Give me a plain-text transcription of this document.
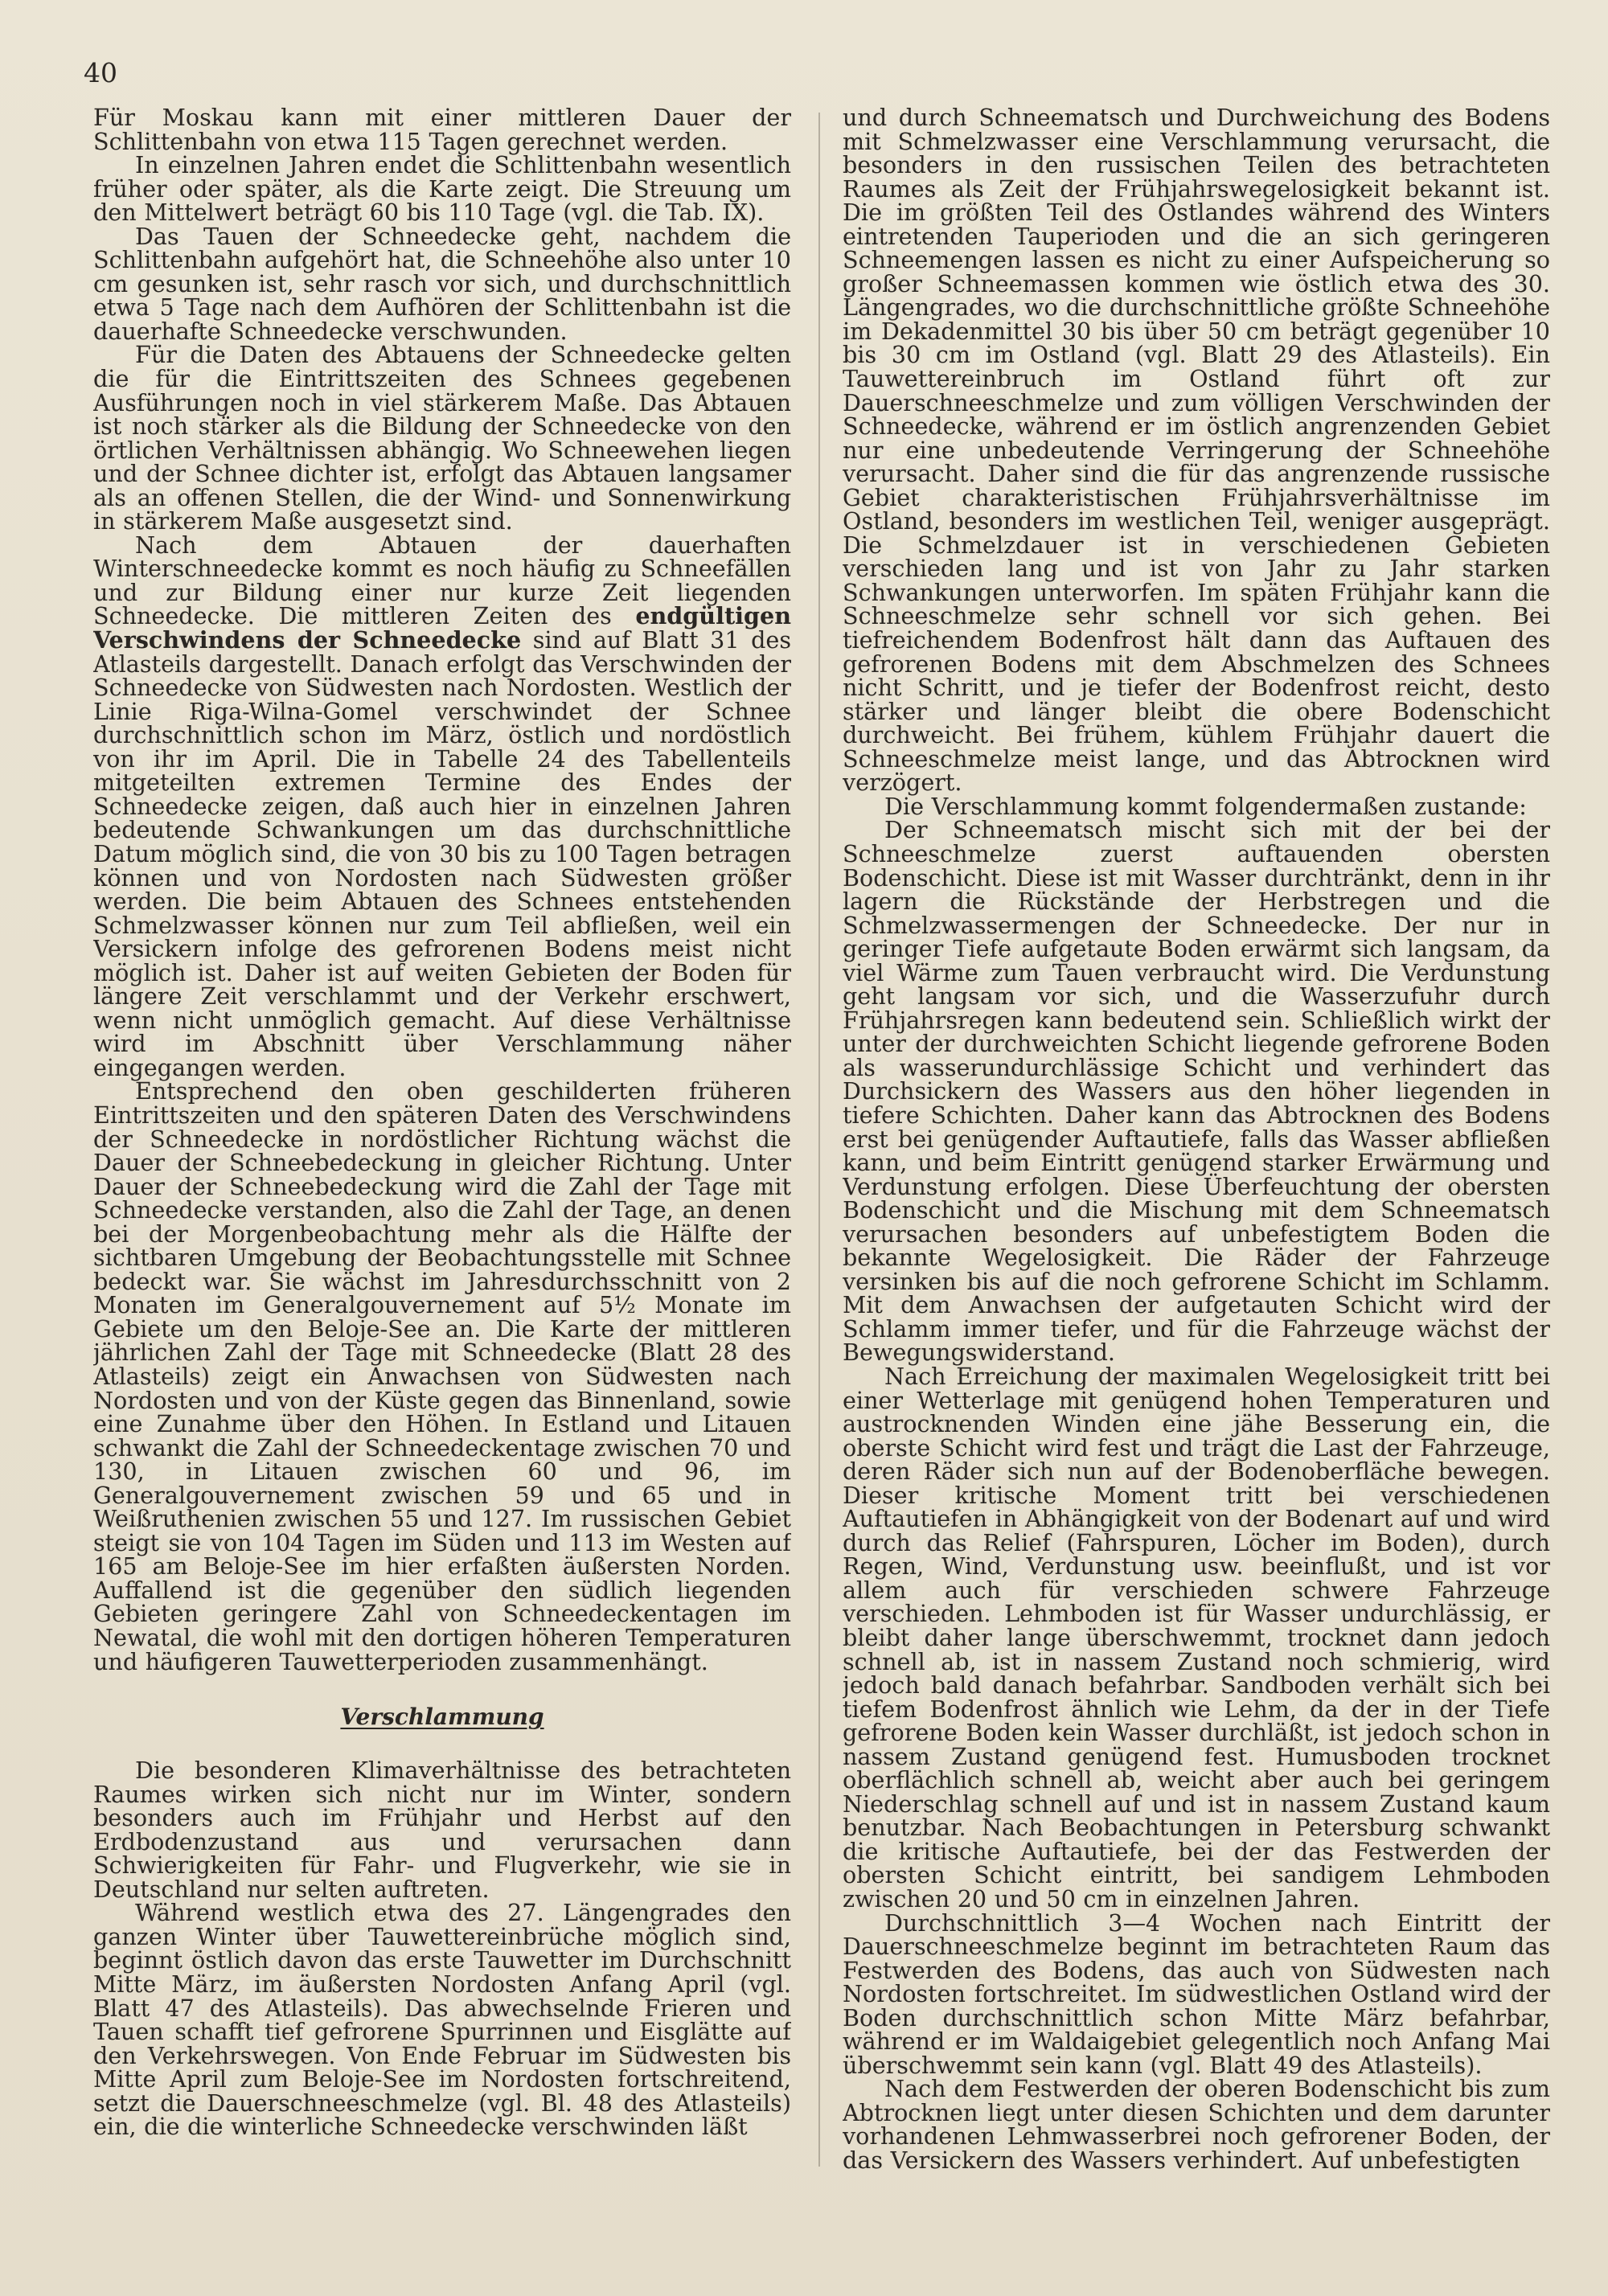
40

Für Moskau kann mit einer mittleren Dauer der Schlittenbahn von etwa 115 Tagen gerechnet werden.

In einzelnen Jahren endet die Schlittenbahn wesentlich früher oder später, als die Karte zeigt. Die Streuung um den Mittelwert beträgt 60 bis 110 Tage (vgl. die Tab. IX).

Das Tauen der Schneedecke geht, nachdem die Schlittenbahn aufgehört hat, die Schneehöhe also unter 10 cm gesunken ist, sehr rasch vor sich, und durchschnittlich etwa 5 Tage nach dem Aufhören der Schlittenbahn ist die dauerhafte Schneedecke verschwunden.

Für die Daten des Abtauens der Schneedecke gelten die für die Eintrittszeiten des Schnees gegebenen Ausführungen noch in viel stärkerem Maße. Das Abtauen ist noch stärker als die Bildung der Schneedecke von den örtlichen Verhältnissen abhängig. Wo Schneewehen liegen und der Schnee dichter ist, erfolgt das Abtauen langsamer als an offenen Stellen, die der Wind- und Sonnenwirkung in stärkerem Maße ausgesetzt sind.

Nach dem Abtauen der dauerhaften Winterschneedecke kommt es noch häufig zu Schneefällen und zur Bildung einer nur kurze Zeit liegenden Schneedecke. Die mittleren Zeiten des endgültigen Verschwindens der Schneedecke sind auf Blatt 31 des Atlasteils dargestellt. Danach erfolgt das Verschwinden der Schneedecke von Südwesten nach Nordosten. Westlich der Linie Riga-Wilna-Gomel verschwindet der Schnee durchschnittlich schon im März, östlich und nordöstlich von ihr im April. Die in Tabelle 24 des Tabellenteils mitgeteilten extremen Termine des Endes der Schneedecke zeigen, daß auch hier in einzelnen Jahren bedeutende Schwankungen um das durchschnittliche Datum möglich sind, die von 30 bis zu 100 Tagen betragen können und von Nordosten nach Südwesten größer werden. Die beim Abtauen des Schnees entstehenden Schmelzwasser können nur zum Teil abfließen, weil ein Versickern infolge des gefrorenen Bodens meist nicht möglich ist. Daher ist auf weiten Gebieten der Boden für längere Zeit verschlammt und der Verkehr erschwert, wenn nicht unmöglich gemacht. Auf diese Verhältnisse wird im Abschnitt über Verschlammung näher eingegangen werden.

Entsprechend den oben geschilderten früheren Eintrittszeiten und den späteren Daten des Verschwindens der Schneedecke in nordöstlicher Richtung wächst die Dauer der Schneebedeckung in gleicher Richtung. Unter Dauer der Schneebedeckung wird die Zahl der Tage mit Schneedecke verstanden, also die Zahl der Tage, an denen bei der Morgenbeobachtung mehr als die Hälfte der sichtbaren Umgebung der Beobachtungsstelle mit Schnee bedeckt war. Sie wächst im Jahresdurchsschnitt von 2 Monaten im Generalgouvernement auf 5½ Monate im Gebiete um den Beloje-See an. Die Karte der mittleren jährlichen Zahl der Tage mit Schneedecke (Blatt 28 des Atlasteils) zeigt ein Anwachsen von Südwesten nach Nordosten und von der Küste gegen das Binnenland, sowie eine Zunahme über den Höhen. In Estland und Litauen schwankt die Zahl der Schneedeckentage zwischen 70 und 130, in Litauen zwischen 60 und 96, im Generalgouvernement zwischen 59 und 65 und in Weißruthenien zwischen 55 und 127. Im russischen Gebiet steigt sie von 104 Tagen im Süden und 113 im Westen auf 165 am Beloje-See im hier erfaßten äußersten Norden. Auffallend ist die gegenüber den südlich liegenden Gebieten geringere Zahl von Schneedeckentagen im Newatal, die wohl mit den dortigen höheren Temperaturen und häufigeren Tauwetterperioden zusammenhängt.

Verschlammung

Die besonderen Klimaverhältnisse des betrachteten Raumes wirken sich nicht nur im Winter, sondern besonders auch im Frühjahr und Herbst auf den Erdbodenzustand aus und verursachen dann Schwierigkeiten für Fahr- und Flugverkehr, wie sie in Deutschland nur selten auftreten.

Während westlich etwa des 27. Längengrades den ganzen Winter über Tauwettereinbrüche möglich sind, beginnt östlich davon das erste Tauwetter im Durchschnitt Mitte März, im äußersten Nordosten Anfang April (vgl. Blatt 47 des Atlasteils). Das abwechselnde Frieren und Tauen schafft tief gefrorene Spurrinnen und Eisglätte auf den Verkehrswegen. Von Ende Februar im Südwesten bis Mitte April zum Beloje-See im Nordosten fortschreitend, setzt die Dauerschneeschmelze (vgl. Bl. 48 des Atlasteils) ein, die die winterliche Schneedecke verschwinden läßt

und durch Schneematsch und Durchweichung des Bodens mit Schmelzwasser eine Verschlammung verursacht, die besonders in den russischen Teilen des betrachteten Raumes als Zeit der Frühjahrswegelosigkeit bekannt ist. Die im größten Teil des Ostlandes während des Winters eintretenden Tauperioden und die an sich geringeren Schneemengen lassen es nicht zu einer Aufspeicherung so großer Schneemassen kommen wie östlich etwa des 30. Längengrades, wo die durchschnittliche größte Schneehöhe im Dekadenmittel 30 bis über 50 cm beträgt gegenüber 10 bis 30 cm im Ostland (vgl. Blatt 29 des Atlasteils). Ein Tauwettereinbruch im Ostland führt oft zur Dauerschneeschmelze und zum völligen Verschwinden der Schneedecke, während er im östlich angrenzenden Gebiet nur eine unbedeutende Verringerung der Schneehöhe verursacht. Daher sind die für das angrenzende russische Gebiet charakteristischen Frühjahrsverhältnisse im Ostland, besonders im westlichen Teil, weniger ausgeprägt. Die Schmelzdauer ist in verschiedenen Gebieten verschieden lang und ist von Jahr zu Jahr starken Schwankungen unterworfen. Im späten Frühjahr kann die Schneeschmelze sehr schnell vor sich gehen. Bei tiefreichendem Bodenfrost hält dann das Auftauen des gefrorenen Bodens mit dem Abschmelzen des Schnees nicht Schritt, und je tiefer der Bodenfrost reicht, desto stärker und länger bleibt die obere Bodenschicht durchweicht. Bei frühem, kühlem Frühjahr dauert die Schneeschmelze meist lange, und das Abtrocknen wird verzögert.

Die Verschlammung kommt folgendermaßen zustande:

Der Schneematsch mischt sich mit der bei der Schneeschmelze zuerst auftauenden obersten Bodenschicht. Diese ist mit Wasser durchtränkt, denn in ihr lagern die Rückstände der Herbstregen und die Schmelzwassermengen der Schneedecke. Der nur in geringer Tiefe aufgetaute Boden erwärmt sich langsam, da viel Wärme zum Tauen verbraucht wird. Die Verdunstung geht langsam vor sich, und die Wasserzufuhr durch Frühjahrsregen kann bedeutend sein. Schließlich wirkt der unter der durchweichten Schicht liegende gefrorene Boden als wasserundurchlässige Schicht und verhindert das Durchsickern des Wassers aus den höher liegenden in tiefere Schichten. Daher kann das Abtrocknen des Bodens erst bei genügender Auftautiefe, falls das Wasser abfließen kann, und beim Eintritt genügend starker Erwärmung und Verdunstung erfolgen. Diese Überfeuchtung der obersten Bodenschicht und die Mischung mit dem Schneematsch verursachen besonders auf unbefestigtem Boden die bekannte Wegelosigkeit. Die Räder der Fahrzeuge versinken bis auf die noch gefrorene Schicht im Schlamm. Mit dem Anwachsen der aufgetauten Schicht wird der Schlamm immer tiefer, und für die Fahrzeuge wächst der Bewegungswiderstand.

Nach Erreichung der maximalen Wegelosigkeit tritt bei einer Wetterlage mit genügend hohen Temperaturen und austrocknenden Winden eine jähe Besserung ein, die oberste Schicht wird fest und trägt die Last der Fahrzeuge, deren Räder sich nun auf der Bodenoberfläche bewegen. Dieser kritische Moment tritt bei verschiedenen Auftautiefen in Abhängigkeit von der Bodenart auf und wird durch das Relief (Fahrspuren, Löcher im Boden), durch Regen, Wind, Verdunstung usw. beeinflußt, und ist vor allem auch für verschieden schwere Fahrzeuge verschieden. Lehmboden ist für Wasser undurchlässig, er bleibt daher lange überschwemmt, trocknet dann jedoch schnell ab, ist in nassem Zustand noch schmierig, wird jedoch bald danach befahrbar. Sandboden verhält sich bei tiefem Bodenfrost ähnlich wie Lehm, da der in der Tiefe gefrorene Boden kein Wasser durchläßt, ist jedoch schon in nassem Zustand genügend fest. Humusboden trocknet oberflächlich schnell ab, weicht aber auch bei geringem Niederschlag schnell auf und ist in nassem Zustand kaum benutzbar. Nach Beobachtungen in Petersburg schwankt die kritische Auftautiefe, bei der das Festwerden der obersten Schicht eintritt, bei sandigem Lehmboden zwischen 20 und 50 cm in einzelnen Jahren.

Durchschnittlich 3—4 Wochen nach Eintritt der Dauerschneeschmelze beginnt im betrachteten Raum das Festwerden des Bodens, das auch von Südwesten nach Nordosten fortschreitet. Im südwestlichen Ostland wird der Boden durchschnittlich schon Mitte März befahrbar, während er im Waldaigebiet gelegentlich noch Anfang Mai überschwemmt sein kann (vgl. Blatt 49 des Atlasteils).

Nach dem Festwerden der oberen Bodenschicht bis zum Abtrocknen liegt unter diesen Schichten und dem darunter vorhandenen Lehmwasserbrei noch gefrorener Boden, der das Versickern des Wassers verhindert. Auf unbefestigten
